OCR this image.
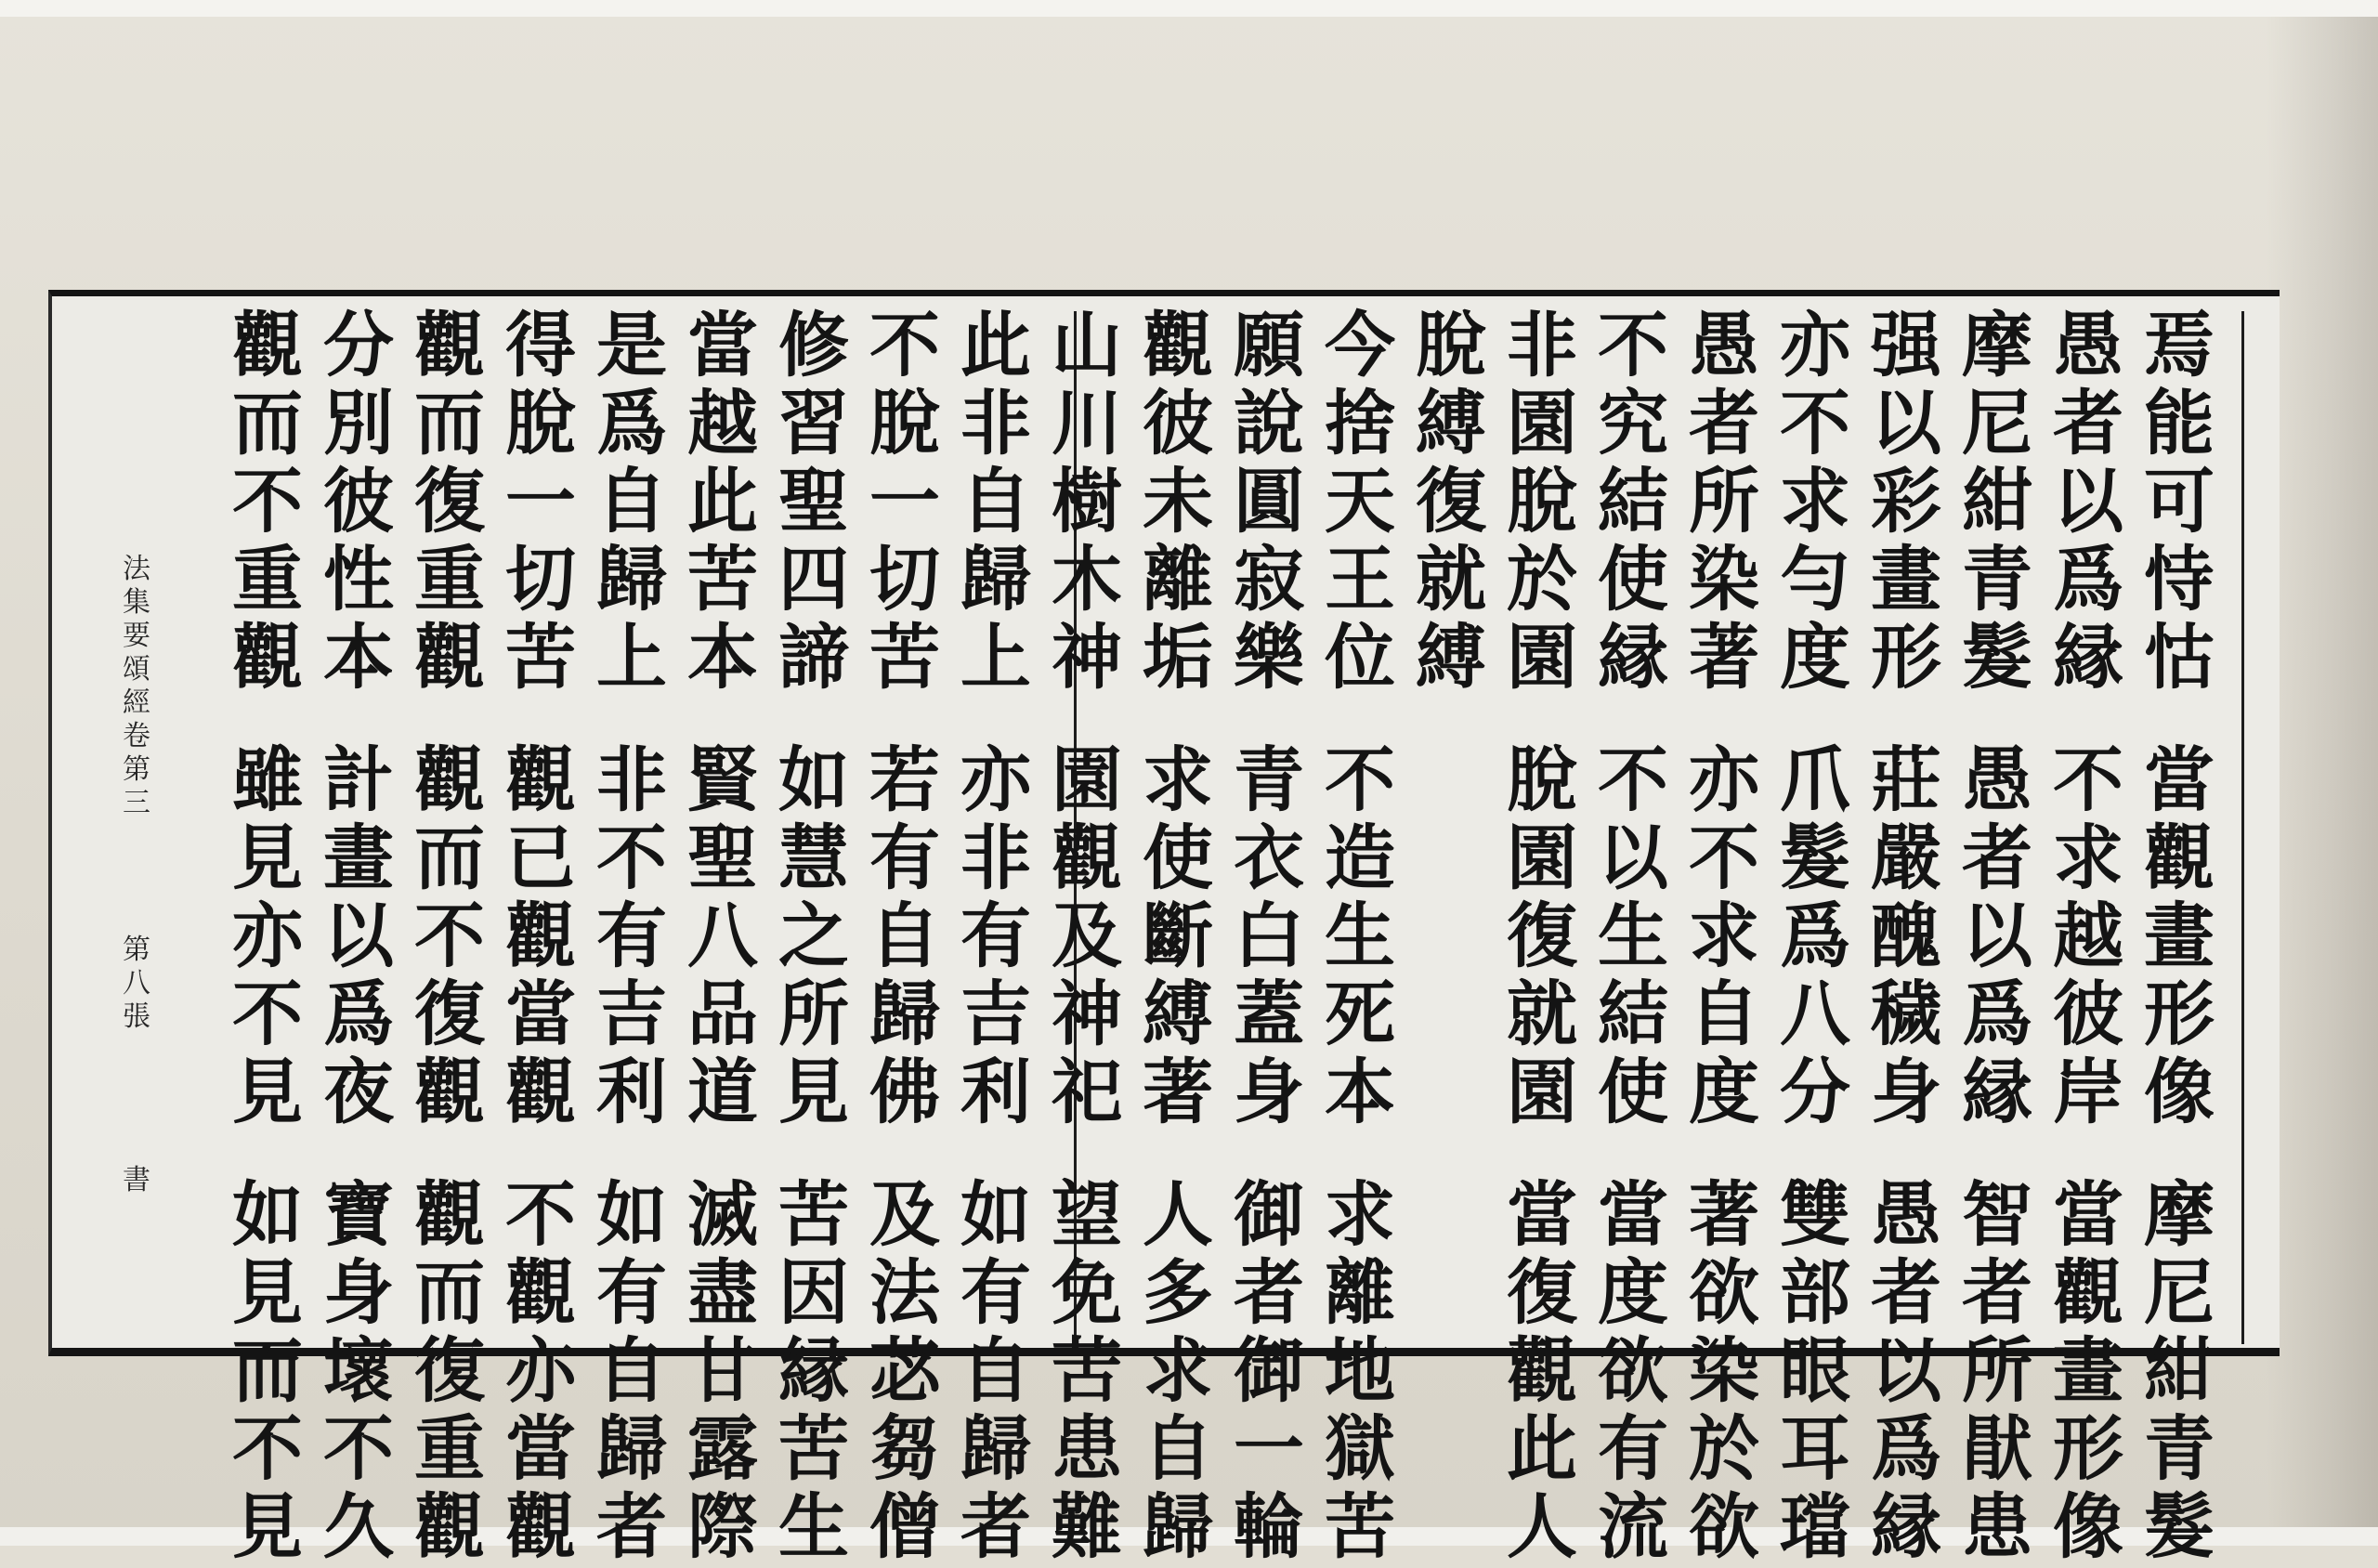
法
集
要
頌
經
卷
第
三
第
八
張
書
焉
能
可
恃
怙
當
觀
畫
形
像
摩
尼
紺
青
髮
愚
者
以
爲
縁
不
求
越
彼
岸
當
觀
畫
形
像
摩
尼
紺
青
髮
愚
者
以
爲
縁
智
者
所
猒
患
强
以
彩
畫
形
莊
嚴
醜
穢
身
愚
者
以
爲
縁
亦
不
求
勻
度
爪
髮
爲
八
分
雙
部
眼
耳
璫
愚
者
所
染
著
亦
不
求
自
度
著
欲
染
於
欲
不
究
結
使
縁
不
以
生
結
使
當
度
欲
有
流
非
園
脫
於
園
脫
園
復
就
園
當
復
觀
此
人
脫
縛
復
就
縛
今
捨
天
王
位
不
造
生
死
本
求
離
地
獄
苦
願
說
圓
寂
樂
青
衣
白
蓋
身
御
者
御
一
輪
觀
彼
未
離
垢
求
使
斷
縛
著
人
多
求
自
歸
山
川
樹
木
神
園
觀
及
神
祀
望
免
苦
患
難
此
非
自
歸
上
亦
非
有
吉
利
如
有
自
歸
者
不
脫
一
切
苦
若
有
自
歸
佛
及
法
苾
芻
僧
修
習
聖
四
諦
如
慧
之
所
見
苦
因
縁
苦
生
當
越
此
苦
本
賢
聖
八
品
道
滅
盡
甘
露
際
是
爲
自
歸
上
非
不
有
吉
利
如
有
自
歸
者
得
脫
一
切
苦
觀
已
觀
當
觀
不
觀
亦
當
觀
觀
而
復
重
觀
觀
而
不
復
觀
觀
而
復
重
觀
分
別
彼
性
本
計
畫
以
爲
夜
寶
身
壞
不
久
觀
而
不
重
觀
雖
見
亦
不
見
如
見
而
不
見
